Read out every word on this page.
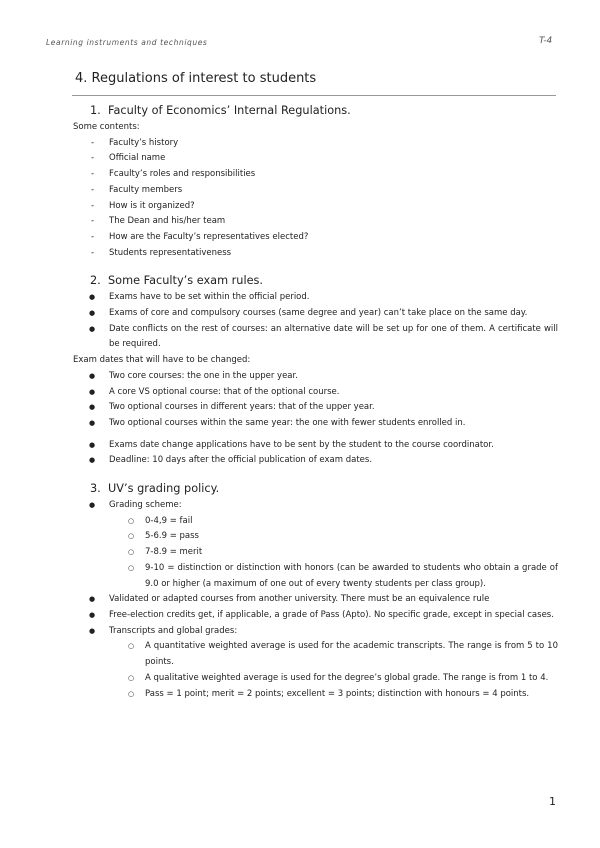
Learning instruments and techniques	T-4
4. Regulations of interest to students
1. Faculty of Economics’ Internal Regulations.

Some contents:

- Faculty’s history
- Official name
- Fcaulty’s roles and responsibilities
- Faculty members
- How is it organized?
- The Dean and his/her team
- How are the Faculty’s representatives elected?
- Students representativeness
2. Some Faculty’s exam rules.
● Exams have to be set within the official period.
● Exams of core and compulsory courses (same degree and year) can’t take place on the same day.
● Date conflicts on the rest of courses: an alternative date will be set up for one of them. A certificate will be required.

Exam dates that will have to be changed:

● Two core courses: the one in the upper year.
● A core VS optional course: that of the optional course.
● Two optional courses in different years: that of the upper year.
● Two optional courses within the same year: the one with fewer students enrolled in.
● Exams date change applications have to be sent by the student to the course coordinator.
● Deadline: 10 days after the official publication of exam dates.
3. UV’s grading policy.
● Grading scheme:
○ 0-4,9 = fail
○ 5-6.9 = pass
○ 7-8.9 = merit
○ 9-10 = distinction or distinction with honors (can be awarded to students who obtain a grade of 9.0 or higher (a maximum of one out of every twenty students per class group).
● Validated or adapted courses from another university. There must be an equivalence rule
● Free-election credits get, if applicable, a grade of Pass (Apto). No specific grade, except in special cases.
● Transcripts and global grades:
○ A quantitative weighted average is used for the academic transcripts. The range is from 5 to 10 points.
○ A qualitative weighted average is used for the degree’s global grade. The range is from 1 to 4.
○ Pass = 1 point; merit = 2 points; excellent = 3 points; distinction with honours = 4 points.
1
